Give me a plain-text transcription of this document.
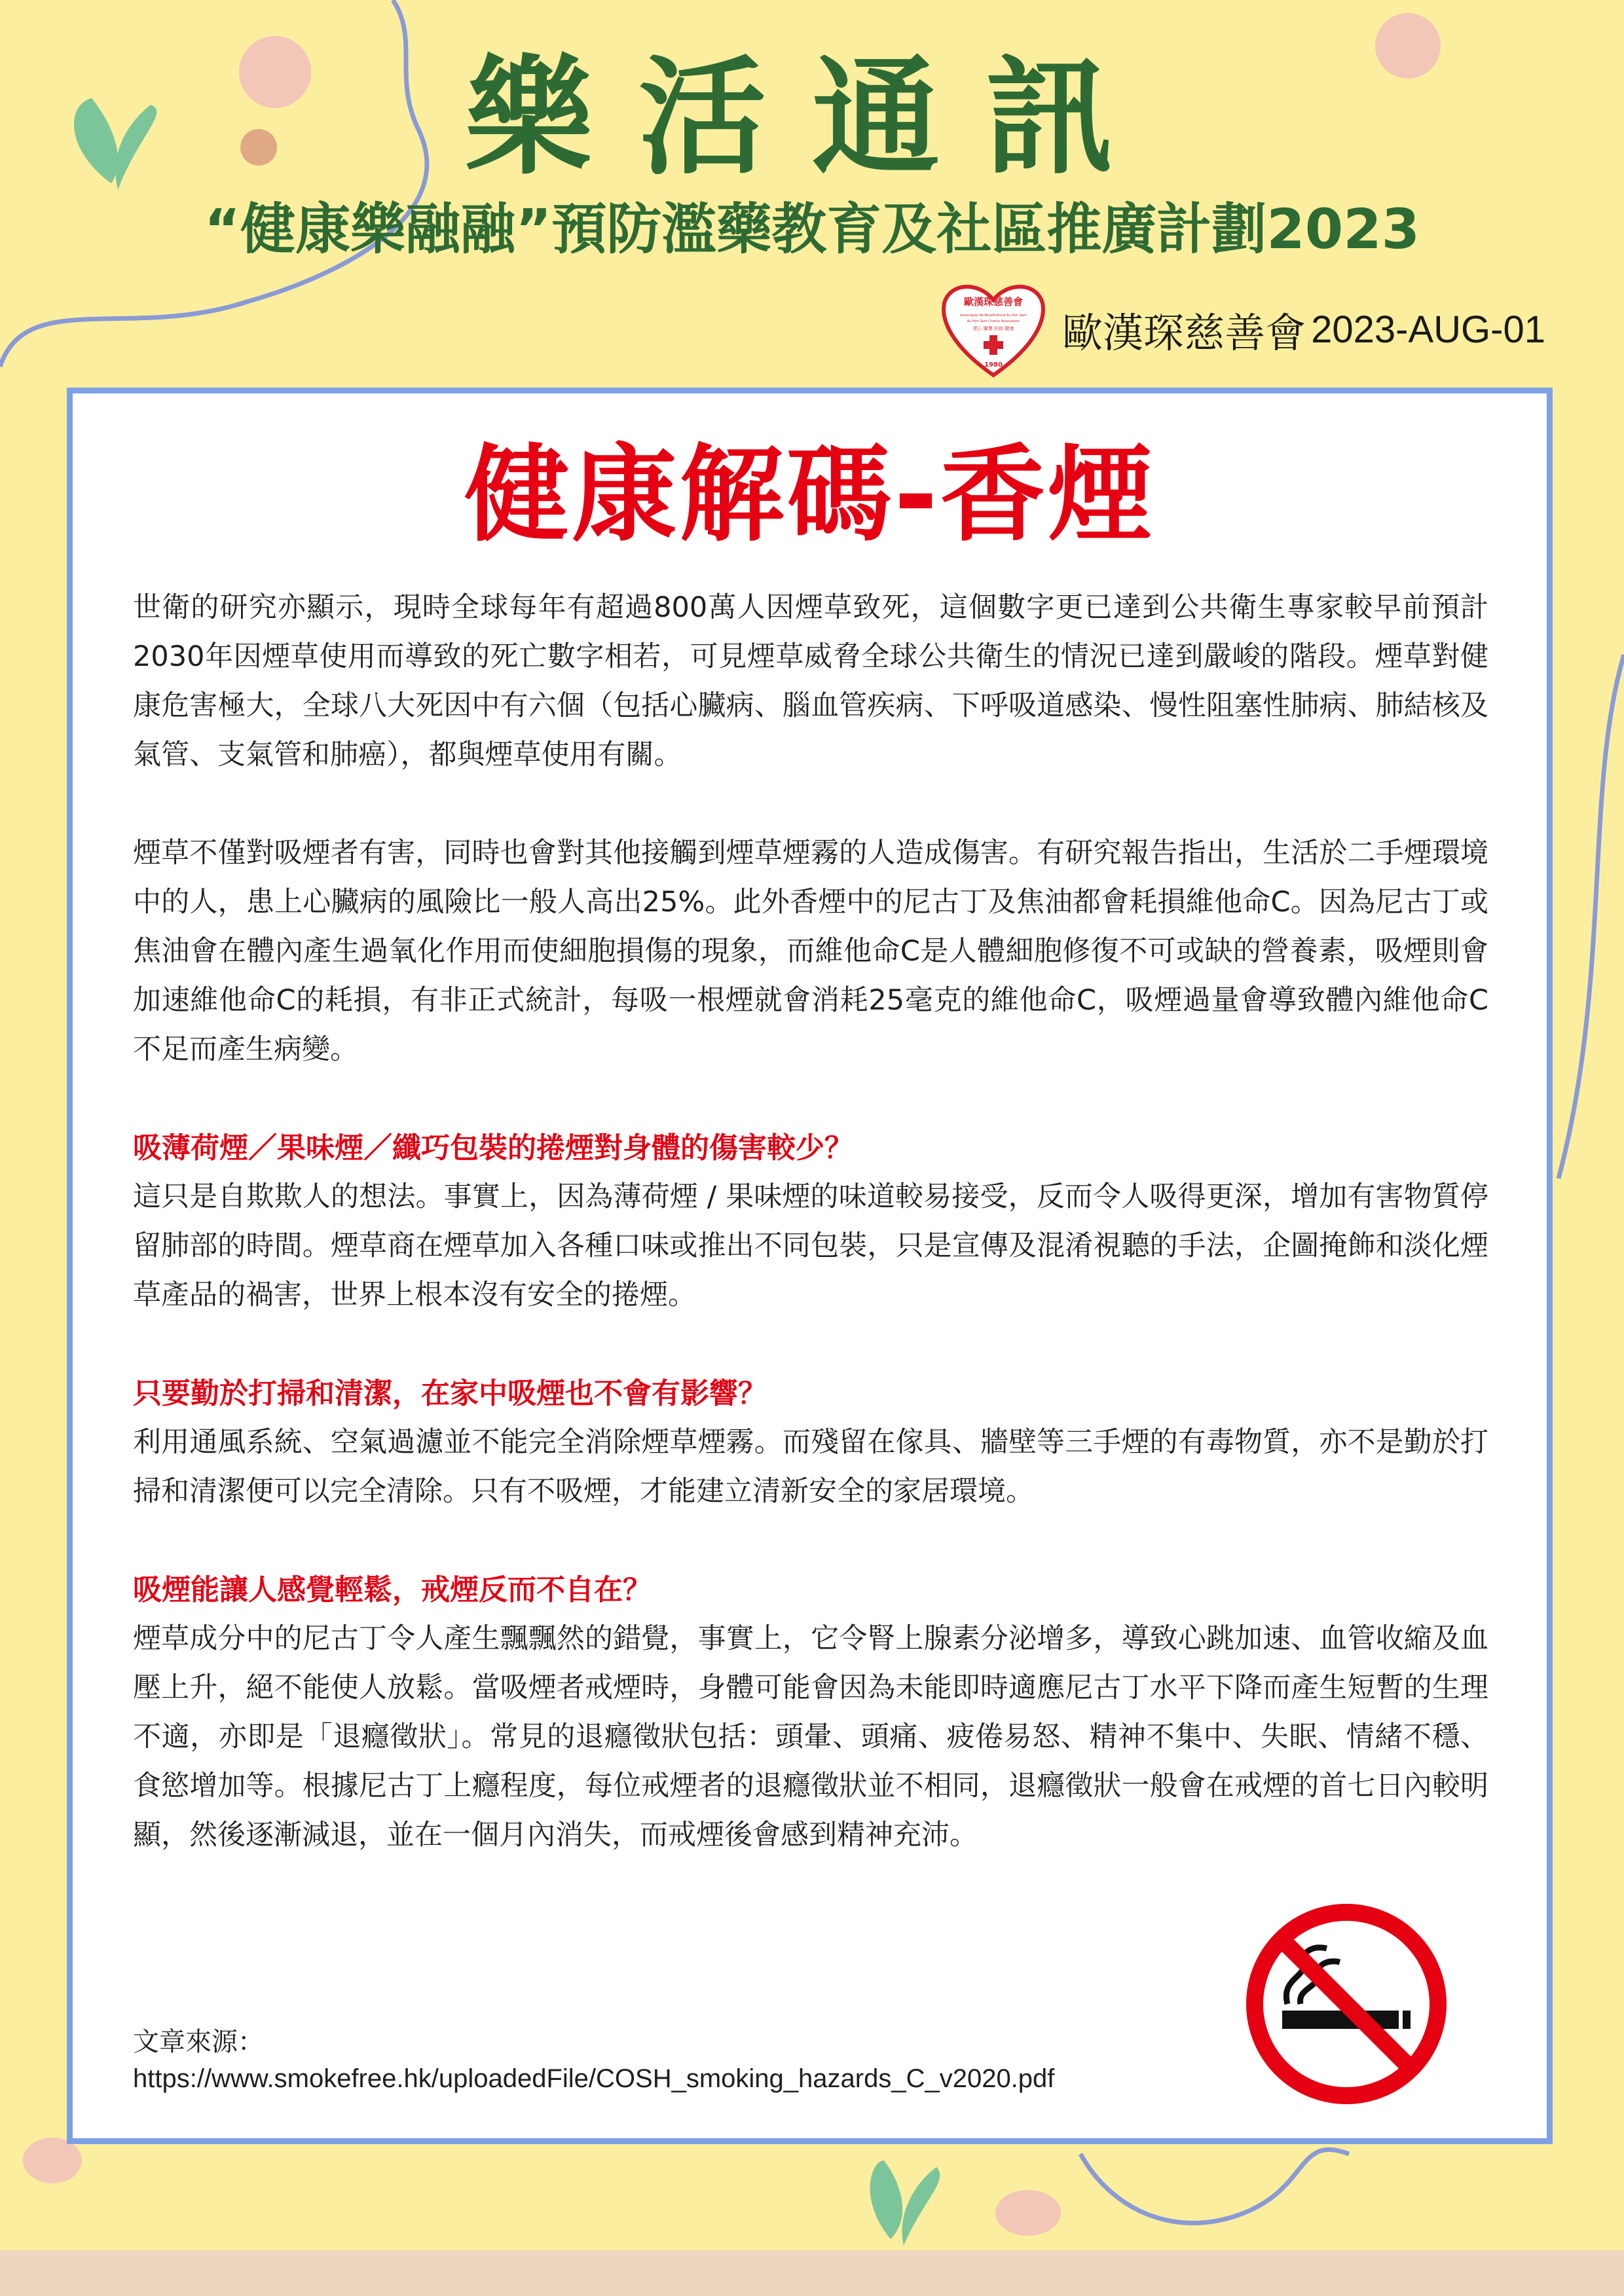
樂活通訊
“健康樂融融”預防濫藥教育及社區推廣計劃2023
歐漢琛慈善會
Associação de Beneficência Au Hon Sam
Au Hon Sam Charity Association
愛心 關懷 扶助 健康
1980
歐漢琛慈善會 2023-AUG-01
健康解碼-香煙

世衛的研究亦顯示，現時全球每年有超過800萬人因煙草致死，這個數字更已達到公共衛生專家較早前預計2030年因煙草使用而導致的死亡數字相若，可見煙草威脅全球公共衛生的情況已達到嚴峻的階段。煙草對健康危害極大，全球八大死因中有六個（包括心臟病、腦血管疾病、下呼吸道感染、慢性阻塞性肺病、肺結核及氣管、支氣管和肺癌），都與煙草使用有關。

煙草不僅對吸煙者有害，同時也會對其他接觸到煙草煙霧的人造成傷害。有研究報告指出，生活於二手煙環境中的人，患上心臟病的風險比一般人高出25%。此外香煙中的尼古丁及焦油都會耗損維他命C。因為尼古丁或焦油會在體內產生過氧化作用而使細胞損傷的現象，而維他命C是人體細胞修復不可或缺的營養素，吸煙則會加速維他命C的耗損，有非正式統計，每吸一根煙就會消耗25毫克的維他命C，吸煙過量會導致體內維他命C不足而產生病變。

吸薄荷煙／果味煙／纖巧包裝的捲煙對身體的傷害較少？

這只是自欺欺人的想法。事實上，因為薄荷煙 / 果味煙的味道較易接受，反而令人吸得更深，增加有害物質停留肺部的時間。煙草商在煙草加入各種口味或推出不同包裝，只是宣傳及混淆視聽的手法，企圖掩飾和淡化煙草產品的禍害，世界上根本沒有安全的捲煙。

只要勤於打掃和清潔，在家中吸煙也不會有影響？

利用通風系統、空氣過濾並不能完全消除煙草煙霧。而殘留在傢具、牆壁等三手煙的有毒物質，亦不是勤於打掃和清潔便可以完全清除。只有不吸煙，才能建立清新安全的家居環境。

吸煙能讓人感覺輕鬆，戒煙反而不自在？

煙草成分中的尼古丁令人產生飄飄然的錯覺，事實上，它令腎上腺素分泌增多，導致心跳加速、血管收縮及血壓上升，絕不能使人放鬆。當吸煙者戒煙時，身體可能會因為未能即時適應尼古丁水平下降而產生短暫的生理不適，亦即是「退癮徵狀」。常見的退癮徵狀包括：頭暈、頭痛、疲倦易怒、精神不集中、失眠、情緒不穩、食慾增加等。根據尼古丁上癮程度，每位戒煙者的退癮徵狀並不相同，退癮徵狀一般會在戒煙的首七日內較明顯，然後逐漸減退，並在一個月內消失，而戒煙後會感到精神充沛。

文章來源：
https://www.smokefree.hk/uploadedFile/COSH_smoking_hazards_C_v2020.pdf
